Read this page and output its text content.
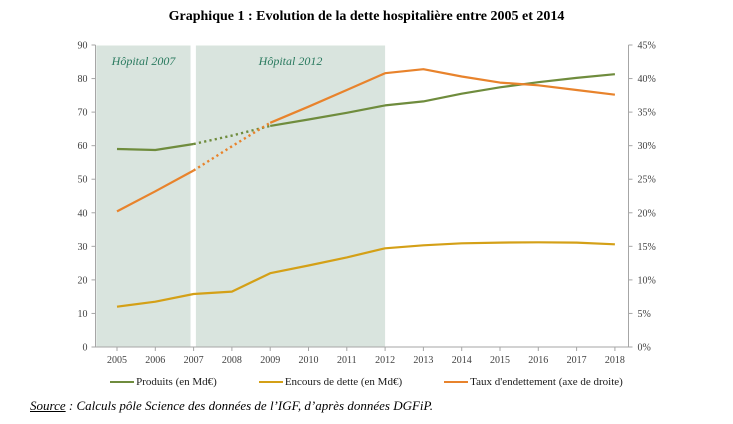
Graphique 1 : Evolution de la dette hospitalière entre 2005 et 2014
0
10
20
30
40
50
60
70
80
90
0%
5%
10%
15%
20%
25%
30%
35%
40%
45%
2005 2006 2007 2008 2009 2010 2011 2012 2013 2014 2015 2016 2017 2018
Hôpital 2007	Hôpital 2012
Produits (en Md€)	Encours de dette (en Md€)	Taux d'endettement (axe de droite)
Source : Calculs pôle Science des données de l’IGF, d’après données DGFiP.
